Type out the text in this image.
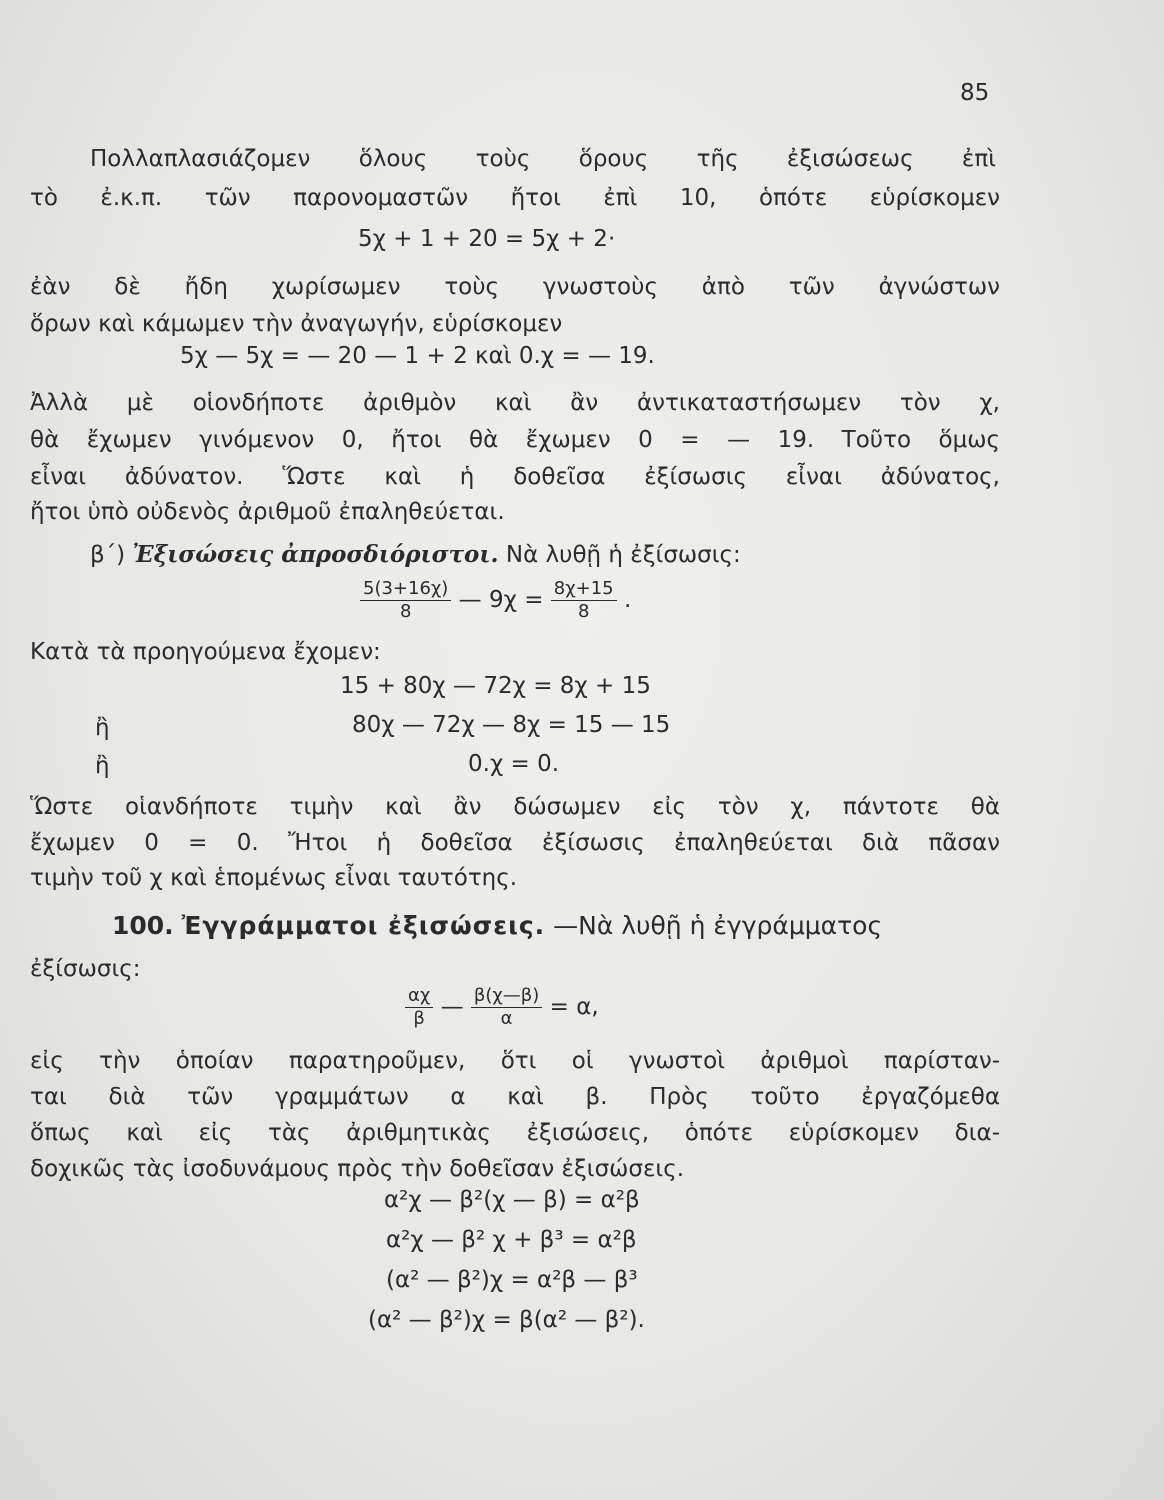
85

Πολλαπλασιάζομεν ὅλους τοὺς ὅρους τῆς ἐξισώσεως ἐπὶ

τὸ ἐ.κ.π. τῶν παρονομαστῶν ἤτοι ἐπὶ 10, ὁπότε εὑρίσκομεν

5χ + 1 + 20 = 5χ + 2·

ἐὰν δὲ ἤδη χωρίσωμεν τοὺς γνωστοὺς ἀπὸ τῶν ἀγνώστων

ὅρων καὶ κάμωμεν τὴν ἀναγωγήν, εὑρίσκομεν

5χ — 5χ = — 20 — 1 + 2 καὶ 0.χ = — 19.

Ἀλλὰ μὲ οἱονδήποτε ἀριθμὸν καὶ ἂν ἀντικαταστήσωμεν τὸν χ,

θὰ ἔχωμεν γινόμενον 0, ἤτοι θὰ ἔχωμεν 0 = — 19. Τοῦτο ὅμως

εἶναι ἀδύνατον. Ὥστε καὶ ἡ δοθεῖσα ἐξίσωσις εἶναι ἀδύνατος,

ἤτοι ὑπὸ οὐδενὸς ἀριθμοῦ ἐπαληθεύεται.

β΄) Ἐξισώσεις ἀπροσδιόριστοι. Νὰ λυθῇ ἡ ἐξίσωσις:

$\frac{5(3+16\chi)}{8}$ — $9\chi = \frac{8\chi+15}{8}$ .

Κατὰ τὰ προηγούμενα ἔχομεν:

15 + 80χ — 72χ = 8χ + 15
ἢ	80χ — 72χ — 8χ = 15 — 15
ἢ	0.χ = 0.

Ὥστε οἱανδήποτε τιμὴν καὶ ἂν δώσωμεν εἰς τὸν χ, πάντοτε θὰ

ἔχωμεν 0 = 0. Ἤτοι ἡ δοθεῖσα ἐξίσωσις ἐπαληθεύεται διὰ πᾶσαν

τιμὴν τοῦ χ καὶ ἑπομένως εἶναι ταυτότης.

100. Ἐγγράμματοι ἐξισώσεις. —Νὰ λυθῇ ἡ ἐγγράμματος

ἐξίσωσις:

$\frac{\alpha\chi}{\beta}$ — $\frac{\beta(\chi—\beta)}{\alpha} = \alpha$,

εἰς τὴν ὁποίαν παρατηροῦμεν, ὅτι οἱ γνωστοὶ ἀριθμοὶ παρίσταν-

ται διὰ τῶν γραμμάτων α καὶ β. Πρὸς τοῦτο ἐργαζόμεθα

ὅπως καὶ εἰς τὰς ἀριθμητικὰς ἐξισώσεις, ὁπότε εὑρίσκομεν δια-

δοχικῶς τὰς ἰσοδυνάμους πρὸς τὴν δοθεῖσαν ἐξισώσεις.

α²χ — β²(χ — β) = α²β
α²χ — β² χ + β³ = α²β
(α² — β²)χ = α²β — β³
(α² — β²)χ = β(α² — β²).
